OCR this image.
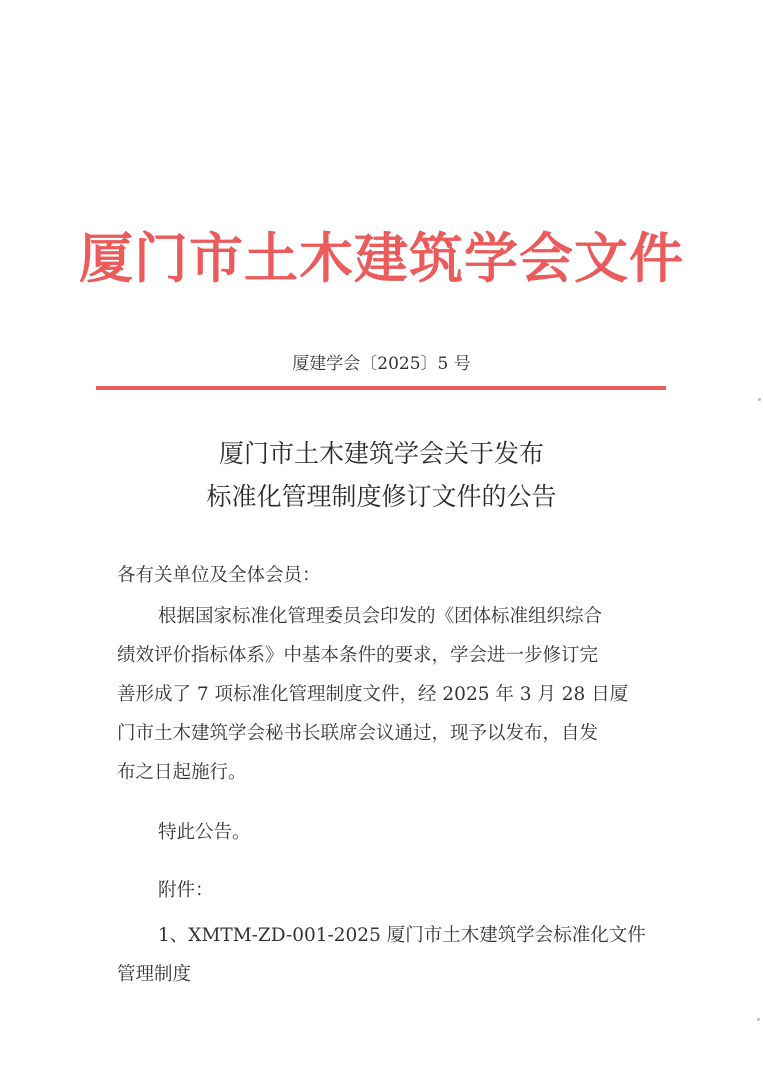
厦门市土木建筑学会文件
厦建学会〔2025〕5 号
厦门市土木建筑学会关于发布
标准化管理制度修订文件的公告
各有关单位及全体会员：
根据国家标准化管理委员会印发的《团体标准组织综合
绩效评价指标体系》中基本条件的要求，学会进一步修订完
善形成了 7 项标准化管理制度文件，经 2025 年 3 月 28 日厦
门市土木建筑学会秘书长联席会议通过，现予以发布，自发
布之日起施行。
特此公告。
附件：
1、XMTM-ZD-001-2025 厦门市土木建筑学会标准化文件
管理制度
